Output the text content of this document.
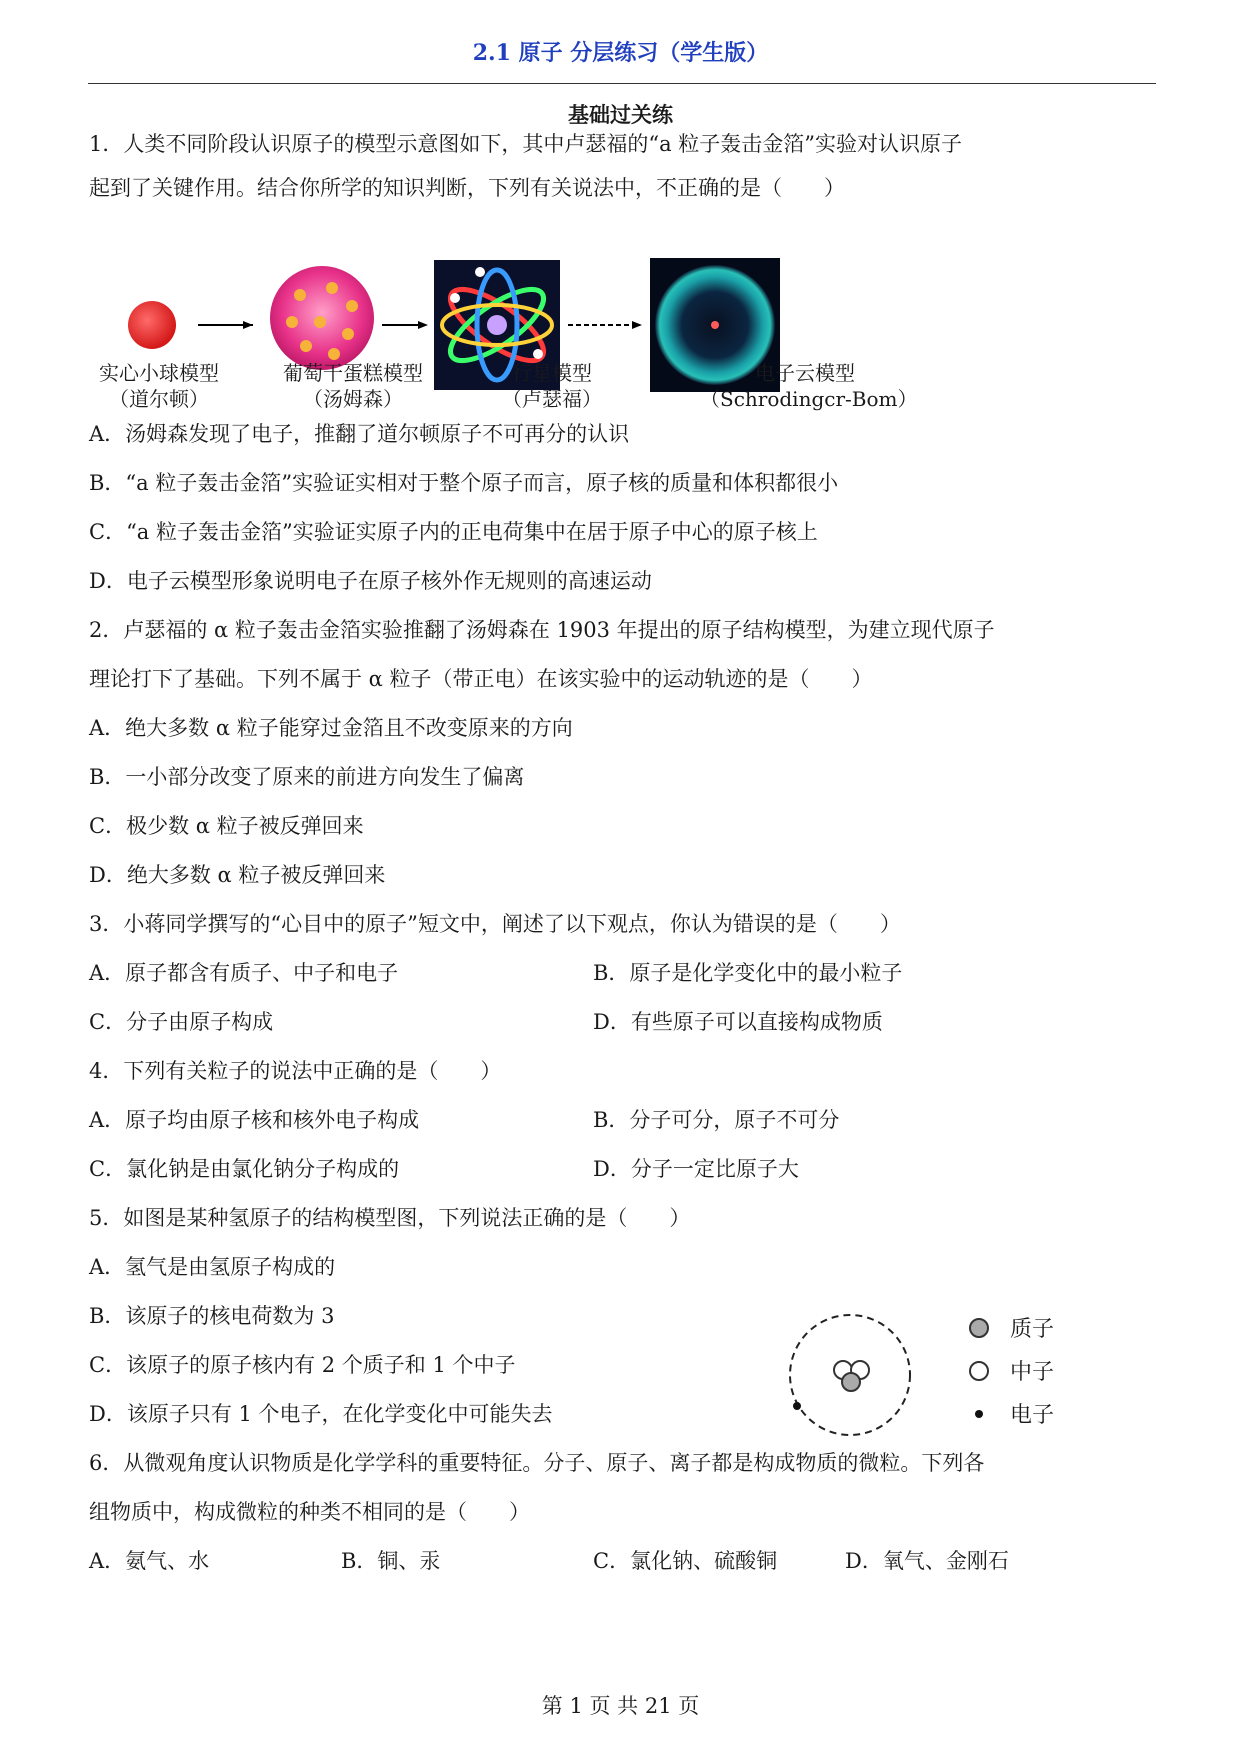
2.1 原子 分层练习（学生版）
基础过关练
1．人类不同阶段认识原子的模型示意图如下，其中卢瑟福的“a 粒子轰击金箔”实验对认识原子
起到了关键作用。结合你所学的知识判断，下列有关说法中，不正确的是（　　）
实心小球模型
（道尔顿）
葡萄干蛋糕模型
（汤姆森）
行星模型
（卢瑟福）
电子云模型
（Schrodingcr-Bom）
A．汤姆森发现了电子，推翻了道尔顿原子不可再分的认识
B．“a 粒子轰击金箔”实验证实相对于整个原子而言，原子核的质量和体积都很小
C．“a 粒子轰击金箔”实验证实原子内的正电荷集中在居于原子中心的原子核上
D．电子云模型形象说明电子在原子核外作无规则的高速运动
2．卢瑟福的 α 粒子轰击金箔实验推翻了汤姆森在 1903 年提出的原子结构模型，为建立现代原子
理论打下了基础。下列不属于 α 粒子（带正电）在该实验中的运动轨迹的是（　　）
A．绝大多数 α 粒子能穿过金箔且不改变原来的方向
B．一小部分改变了原来的前进方向发生了偏离
C．极少数 α 粒子被反弹回来
D．绝大多数 α 粒子被反弹回来
3．小蒋同学撰写的“心目中的原子”短文中，阐述了以下观点，你认为错误的是（　　）
A．原子都含有质子、中子和电子	B．原子是化学变化中的最小粒子
C．分子由原子构成	D．有些原子可以直接构成物质
4．下列有关粒子的说法中正确的是（　　）
A．原子均由原子核和核外电子构成	B．分子可分，原子不可分
C．氯化钠是由氯化钠分子构成的	D．分子一定比原子大
5．如图是某种氢原子的结构模型图，下列说法正确的是（　　）
A．氢气是由氢原子构成的
B．该原子的核电荷数为 3
C．该原子的原子核内有 2 个质子和 1 个中子
D．该原子只有 1 个电子，在化学变化中可能失去
质子
中子
电子
6．从微观角度认识物质是化学学科的重要特征。分子、原子、离子都是构成物质的微粒。下列各
组物质中，构成微粒的种类不相同的是（　　）
A．氨气、水	B．铜、汞	C．氯化钠、硫酸铜	D．氧气、金刚石
第 1 页 共 21 页
